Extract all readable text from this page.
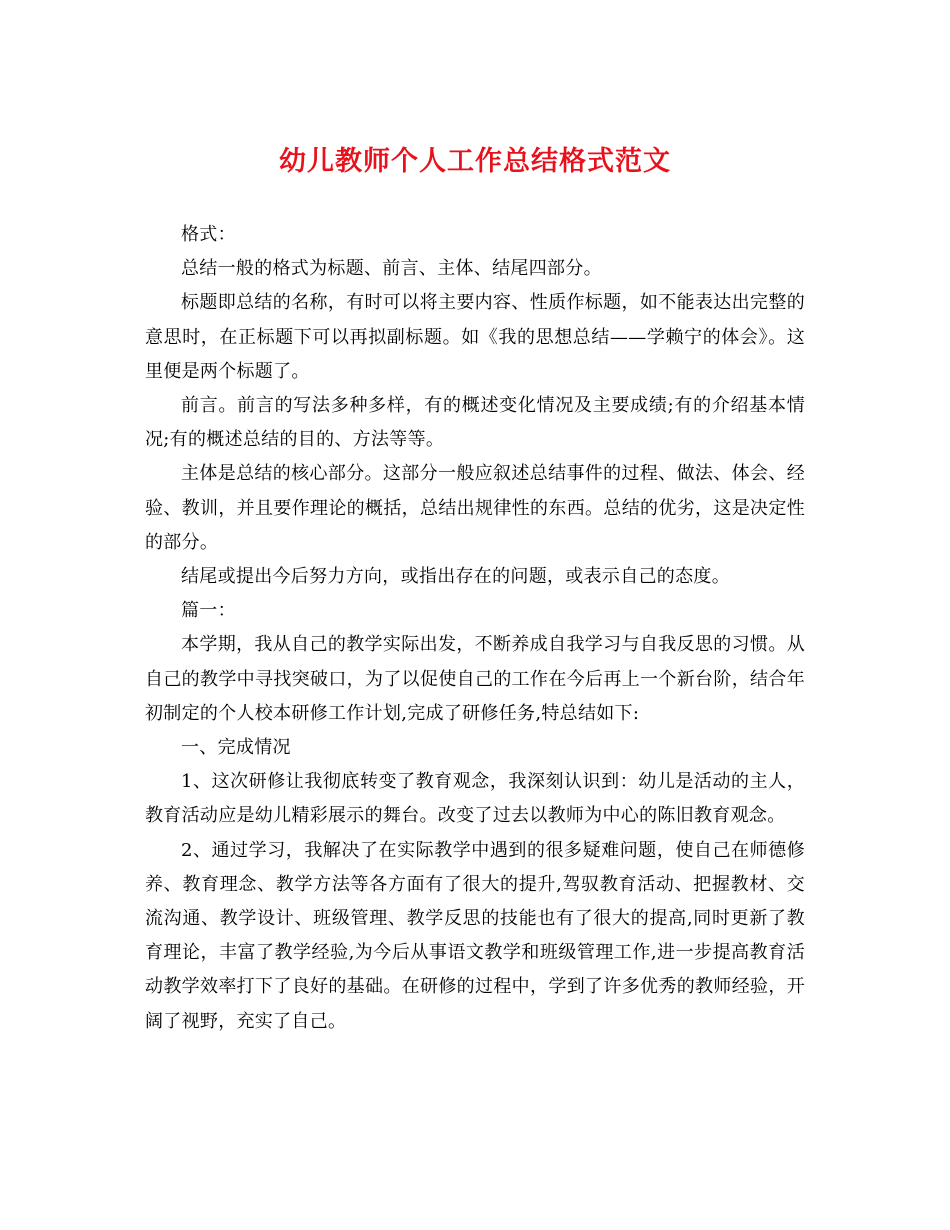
幼儿教师个人工作总结格式范文

格式：

总结一般的格式为标题、前言、主体、结尾四部分。

标题即总结的名称，有时可以将主要内容、性质作标题，如不能表达出完整的意思时，在正标题下可以再拟副标题。如《我的思想总结——学赖宁的体会》。这里便是两个标题了。

前言。前言的写法多种多样，有的概述变化情况及主要成绩;有的介绍基本情况;有的概述总结的目的、方法等等。

主体是总结的核心部分。这部分一般应叙述总结事件的过程、做法、体会、经验、教训，并且要作理论的概括，总结出规律性的东西。总结的优劣，这是决定性的部分。

结尾或提出今后努力方向，或指出存在的问题，或表示自己的态度。

篇一：

本学期，我从自己的教学实际出发，不断养成自我学习与自我反思的习惯。从自己的教学中寻找突破口，为了以促使自己的工作在今后再上一个新台阶，结合年初制定的个人校本研修工作计划,完成了研修任务,特总结如下:

一、完成情况

1、这次研修让我彻底转变了教育观念，我深刻认识到：幼儿是活动的主人，教育活动应是幼儿精彩展示的舞台。改变了过去以教师为中心的陈旧教育观念。

2、通过学习，我解决了在实际教学中遇到的很多疑难问题，使自己在师德修养、教育理念、教学方法等各方面有了很大的提升,驾驭教育活动、把握教材、交流沟通、教学设计、班级管理、教学反思的技能也有了很大的提高,同时更新了教育理论，丰富了教学经验,为今后从事语文教学和班级管理工作,进一步提高教育活动教学效率打下了良好的基础。在研修的过程中，学到了许多优秀的教师经验，开阔了视野，充实了自己。
